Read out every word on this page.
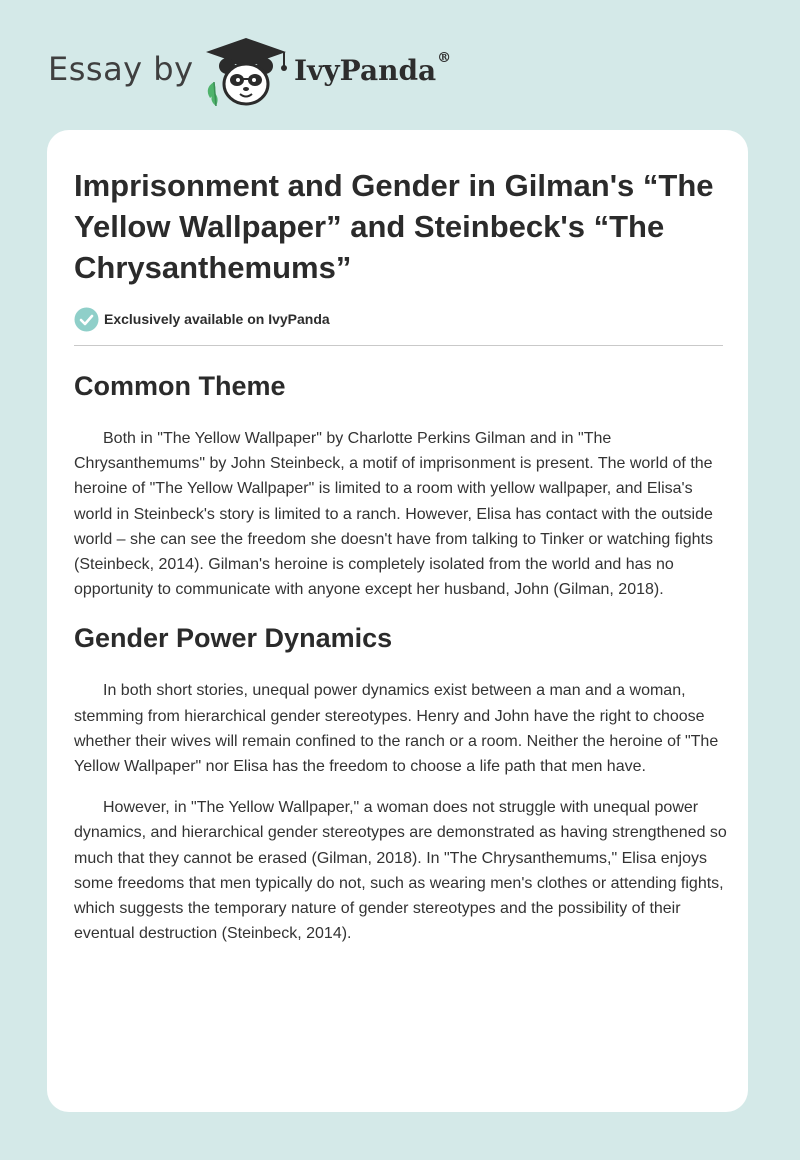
Essay by	IvyPanda®
Imprisonment and Gender in Gilman's “The Yellow Wallpaper” and Steinbeck's “The Chrysanthemums”
Exclusively available on IvyPanda
Common Theme

Both in "The Yellow Wallpaper" by Charlotte Perkins Gilman and in "The Chrysanthemums" by John Steinbeck, a motif of imprisonment is present. The world of the heroine of "The Yellow Wallpaper" is limited to a room with yellow wallpaper, and Elisa's world in Steinbeck's story is limited to a ranch. However, Elisa has contact with the outside world – she can see the freedom she doesn't have from talking to Tinker or watching fights (Steinbeck, 2014). Gilman's heroine is completely isolated from the world and has no opportunity to communicate with anyone except her husband, John (Gilman, 2018).

Gender Power Dynamics

In both short stories, unequal power dynamics exist between a man and a woman, stemming from hierarchical gender stereotypes. Henry and John have the right to choose whether their wives will remain confined to the ranch or a room. Neither the heroine of "The Yellow Wallpaper" nor Elisa has the freedom to choose a life path that men have.

However, in "The Yellow Wallpaper," a woman does not struggle with unequal power dynamics, and hierarchical gender stereotypes are demonstrated as having strengthened so much that they cannot be erased (Gilman, 2018). In "The Chrysanthemums," Elisa enjoys some freedoms that men typically do not, such as wearing men's clothes or attending fights, which suggests the temporary nature of gender stereotypes and the possibility of their eventual destruction (Steinbeck, 2014).
